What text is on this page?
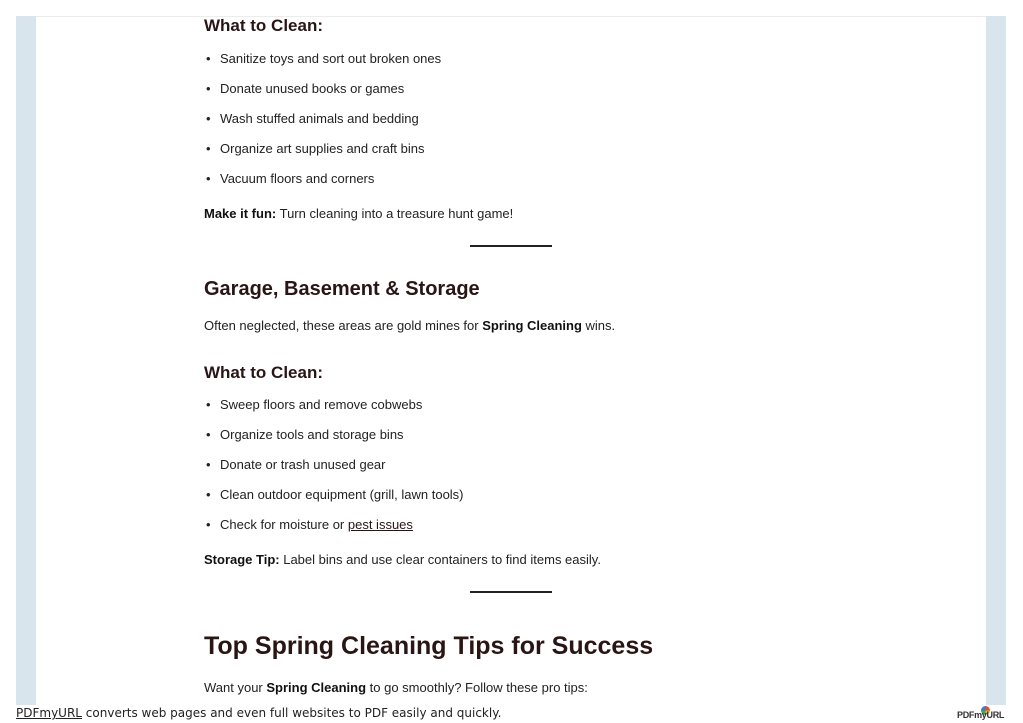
What to Clean:
• Sanitize toys and sort out broken ones
• Donate unused books or games
• Wash stuffed animals and bedding
• Organize art supplies and craft bins
• Vacuum floors and corners

Make it fun: Turn cleaning into a treasure hunt game!

Garage, Basement & Storage

Often neglected, these areas are gold mines for Spring Cleaning wins.

What to Clean:
• Sweep floors and remove cobwebs
• Organize tools and storage bins
• Donate or trash unused gear
• Clean outdoor equipment (grill, lawn tools)
• Check for moisture or pest issues

Storage Tip: Label bins and use clear containers to find items easily.

Top Spring Cleaning Tips for Success

Want your Spring Cleaning to go smoothly? Follow these pro tips:

PDFmyURL converts web pages and even full websites to PDF easily and quickly.	PDFmyURL
